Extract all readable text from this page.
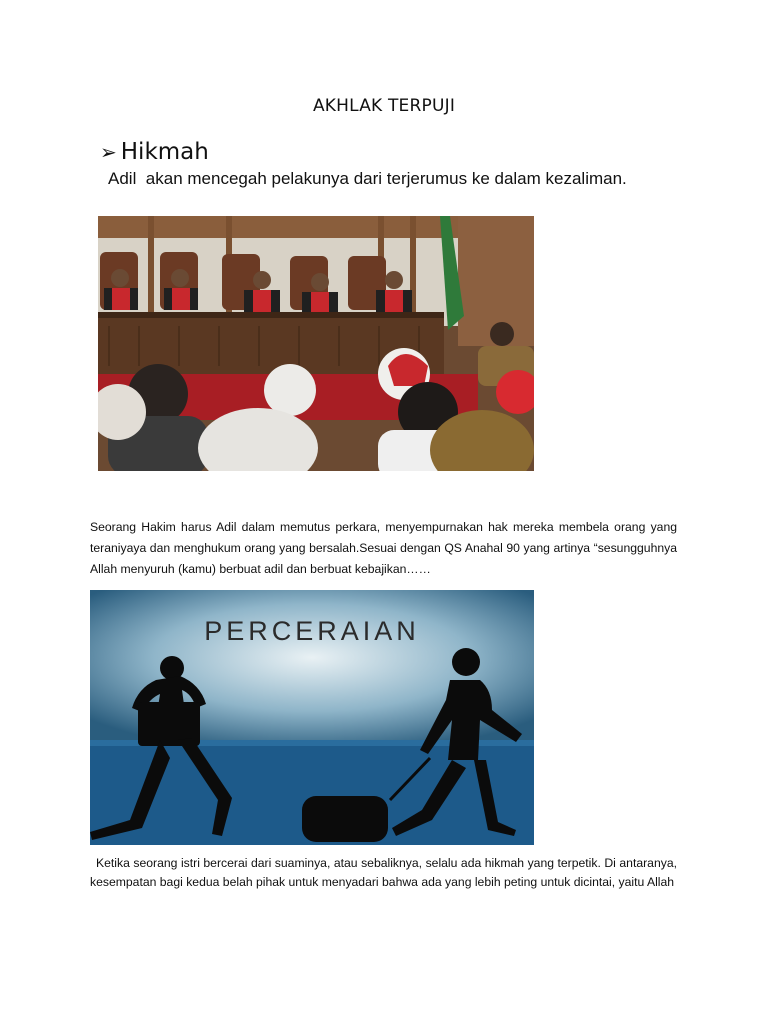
AKHLAK TERPUJI
➢ Hikmah
Adil  akan mencegah pelakunya dari terjerumus ke dalam kezaliman.
Seorang Hakim harus Adil dalam memutus perkara, menyempurnakan hak mereka membela orang yang teraniyaya dan menghukum orang yang bersalah.Sesuai dengan QS Anahal 90 yang artinya “sesungguhnya Allah menyuruh (kamu) berbuat adil dan berbuat kebajikan……
PERCERAIAN
Ketika seorang istri bercerai dari suaminya, atau sebaliknya, selalu ada hikmah yang terpetik. Di antaranya, kesempatan bagi kedua belah pihak untuk menyadari bahwa ada yang lebih peting untuk dicintai, yaitu Allah
